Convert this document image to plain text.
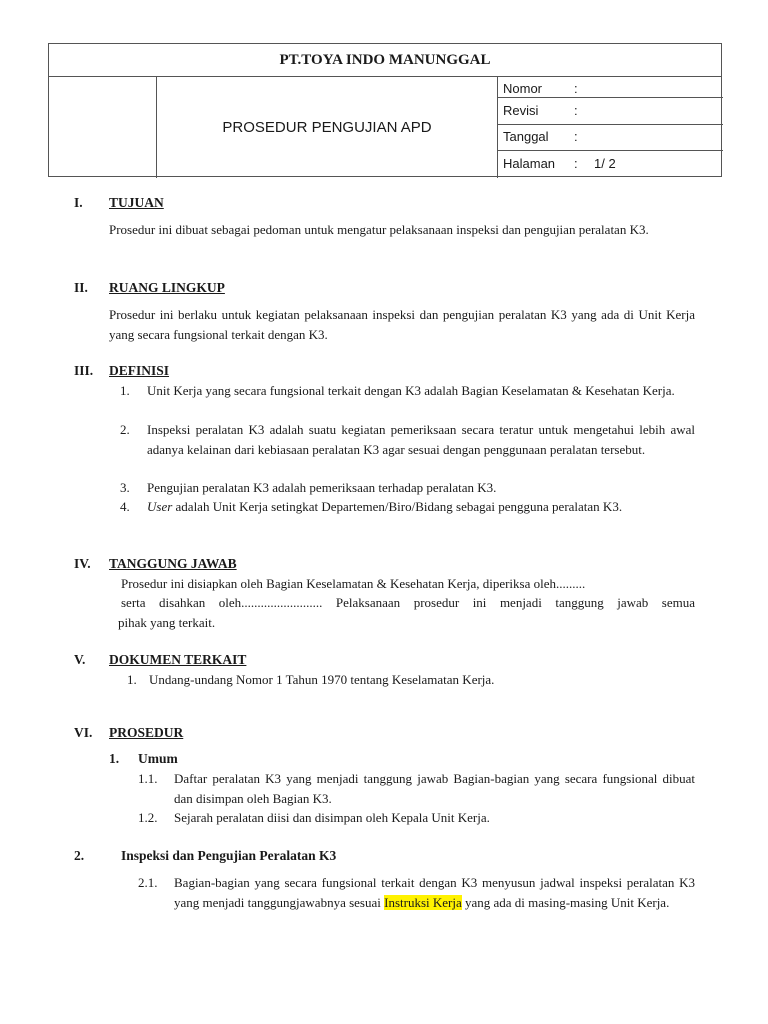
PT.TOYA INDO MANUNGGAL
PROSEDUR PENGUJIAN APD
Nomor :
Revisi	:
Tanggal :
Halaman : 1/ 2
I. TUJUAN
Prosedur ini dibuat sebagai pedoman untuk mengatur pelaksanaan inspeksi dan pengujian peralatan K3.
II. RUANG LINGKUP
Prosedur ini berlaku untuk kegiatan pelaksanaan inspeksi dan pengujian peralatan K3 yang ada di Unit Kerja yang secara fungsional terkait dengan K3.
III. DEFINISI
1. Unit Kerja yang secara fungsional terkait dengan K3 adalah Bagian Keselamatan & Kesehatan Kerja.
2. Inspeksi peralatan K3 adalah suatu kegiatan pemeriksaan secara teratur untuk mengetahui lebih awal adanya kelainan dari kebiasaan peralatan K3 agar sesuai dengan penggunaan peralatan tersebut.
3. Pengujian peralatan K3 adalah pemeriksaan terhadap peralatan K3.
4. User adalah Unit Kerja setingkat Departemen/Biro/Bidang sebagai pengguna peralatan K3.
IV. TANGGUNG JAWAB
Prosedur ini disiapkan oleh Bagian Keselamatan & Kesehatan Kerja, diperiksa oleh.........
serta disahkan oleh......................... Pelaksanaan prosedur ini menjadi tanggung jawab semua
pihak yang terkait.
V. DOKUMEN TERKAIT
1. Undang-undang Nomor 1 Tahun 1970 tentang Keselamatan Kerja.
VI. PROSEDUR
1. Umum
1.1. Daftar peralatan K3 yang menjadi tanggung jawab Bagian-bagian yang secara fungsional dibuat dan disimpan oleh Bagian K3.
1.2. Sejarah peralatan diisi dan disimpan oleh Kepala Unit Kerja.
2.	Inspeksi dan Pengujian Peralatan K3
2.1. Bagian-bagian yang secara fungsional terkait dengan K3 menyusun jadwal inspeksi peralatan K3 yang menjadi tanggungjawabnya sesuai Instruksi Kerja yang ada di masing-masing Unit Kerja.
